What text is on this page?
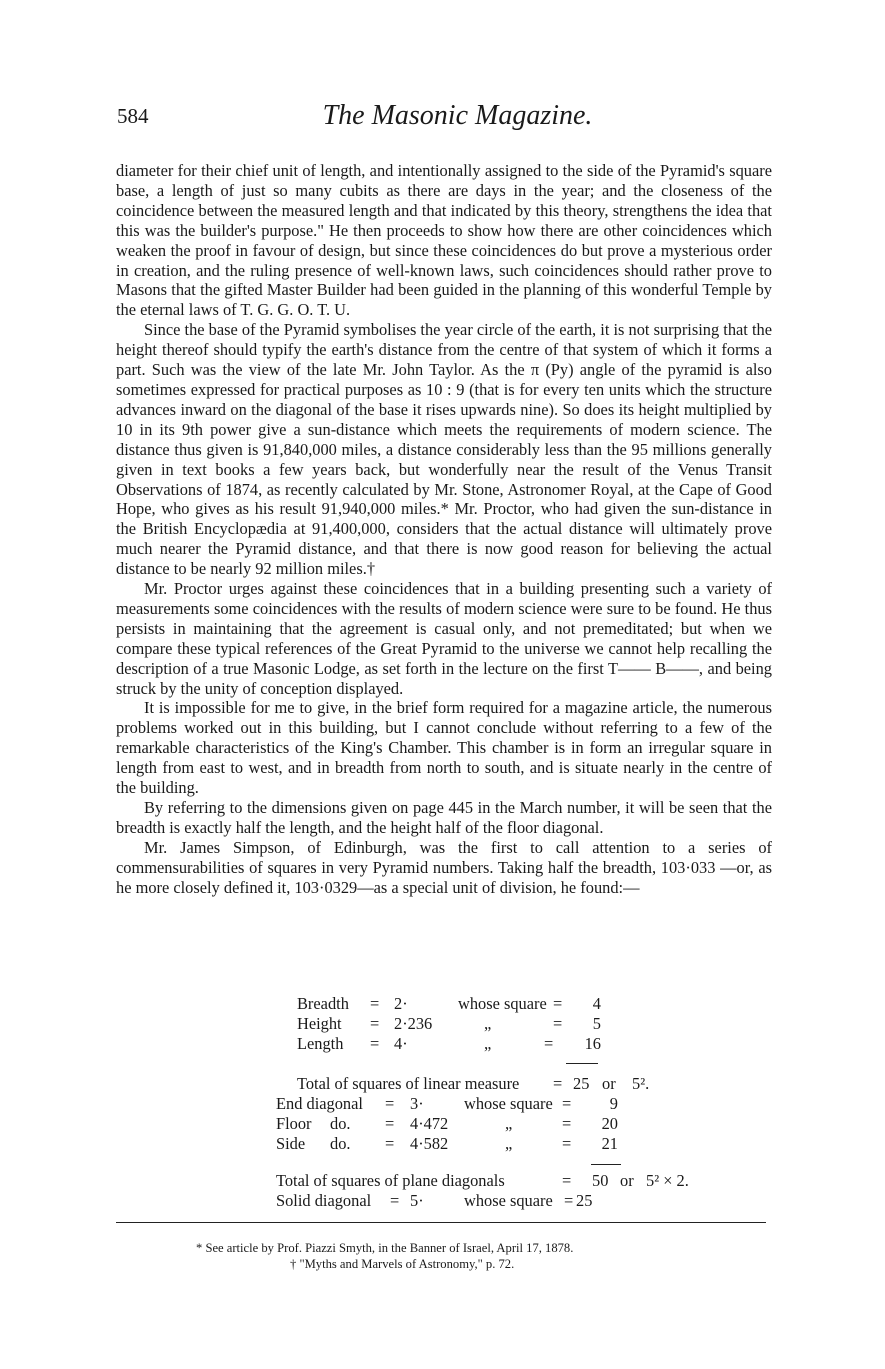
584	The Masonic Magazine.

diameter for their chief unit of length, and intentionally assigned to the side of the Pyramid's square base, a length of just so many cubits as there are days in the year; and the closeness of the coincidence between the measured length and that indicated by this theory, strengthens the idea that this was the builder's purpose." He then proceeds to show how there are other coincidences which weaken the proof in favour of design, but since these coincidences do but prove a mysterious order in creation, and the ruling presence of well-known laws, such coincidences should rather prove to Masons that the gifted Master Builder had been guided in the planning of this wonderful Temple by the eternal laws of T. G. G. O. T. U.

Since the base of the Pyramid symbolises the year circle of the earth, it is not surprising that the height thereof should typify the earth's distance from the centre of that system of which it forms a part. Such was the view of the late Mr. John Taylor. As the π (Py) angle of the pyramid is also sometimes expressed for practical purposes as 10 : 9 (that is for every ten units which the structure advances inward on the diagonal of the base it rises upwards nine). So does its height multiplied by 10 in its 9th power give a sun-distance which meets the requirements of modern science. The distance thus given is 91,840,000 miles, a distance considerably less than the 95 millions generally given in text books a few years back, but wonderfully near the result of the Venus Transit Observations of 1874, as recently calculated by Mr. Stone, Astronomer Royal, at the Cape of Good Hope, who gives as his result 91,940,000 miles.* Mr. Proctor, who had given the sun-distance in the British Encyclopædia at 91,400,000, considers that the actual distance will ultimately prove much nearer the Pyramid distance, and that there is now good reason for believing the actual distance to be nearly 92 million miles.†

Mr. Proctor urges against these coincidences that in a building presenting such a variety of measurements some coincidences with the results of modern science were sure to be found. He thus persists in maintaining that the agreement is casual only, and not premeditated; but when we compare these typical references of the Great Pyramid to the universe we cannot help recalling the description of a true Masonic Lodge, as set forth in the lecture on the first T—— B——, and being struck by the unity of conception displayed.

It is impossible for me to give, in the brief form required for a magazine article, the numerous problems worked out in this building, but I cannot conclude without referring to a few of the remarkable characteristics of the King's Chamber. This chamber is in form an irregular square in length from east to west, and in breadth from north to south, and is situate nearly in the centre of the building.

By referring to the dimensions given on page 445 in the March number, it will be seen that the breadth is exactly half the length, and the height half of the floor diagonal.

Mr. James Simpson, of Edinburgh, was the first to call attention to a series of commensurabilities of squares in very Pyramid numbers. Taking half the breadth, 103·033 —or, as he more closely defined it, 103·0329—as a special unit of division, he found:—

Breadth = 2·	whose square =	4
Height = 2·236	„	=	5
Length = 4·	„	=	16
Total of squares of linear measure = 25 or 5².
End diagonal = 3· whose square =	9
Floor do. = 4·472	„	=	20
Side do. = 4·582	„	=	21
Total of squares of plane diagonals	= 50 or 5² × 2.
Solid diagonal = 5· whose square = 25
* See article by Prof. Piazzi Smyth, in the Banner of Israel, April 17, 1878.
† "Myths and Marvels of Astronomy," p. 72.
